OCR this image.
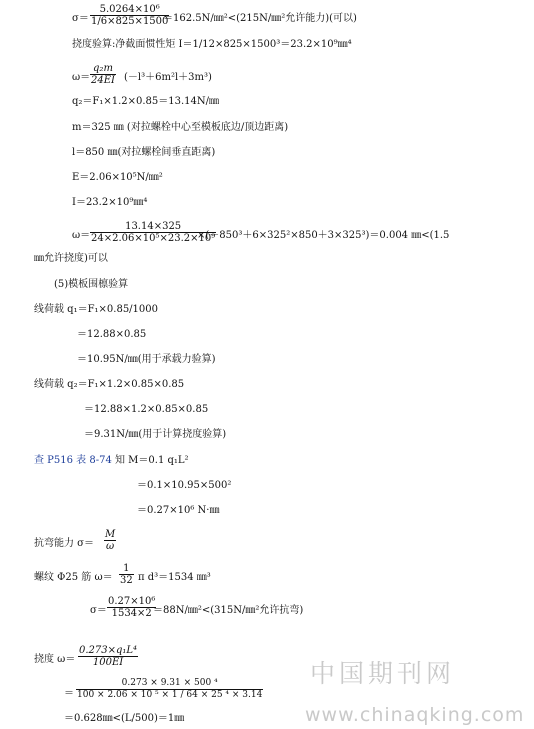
$\sigma= \frac{\text{5.0264×10⁶}}{1/6\times 825\times 1500}$
＝162.5N/㎜²<(215N/㎜²允许能力)(可以)
挠度验算:净截面惯性矩 I＝1/12×825×1500³＝23.2×10⁹㎜⁴
$\omega= \frac{\text{q₂m}}{24EI} (-l^3+6m^2l+3m^3)$
q₂＝F₁×1.2×0.85＝13.14N/㎜
m＝325 ㎜ (对拉螺栓中心至模板底边/顶边距离)
l＝850 ㎜(对拉螺栓间垂直距离)
E＝2.06×10⁵N/㎜²
I＝23.2×10⁹㎜⁴
$\omega= \frac{13.14\times 325}{\text{24×2.06×10⁵×23.2×10⁹}}$
×(－850³＋6×325²×850＋3×325³)＝0.004 ㎜<(1.5
㎜允许挠度)可以
(5)模板围檩验算
线荷载 q₁＝F₁×0.85/1000
＝12.88×0.85
＝10.95N/㎜(用于承载力验算)
线荷载 q₂＝F₁×1.2×0.85×0.85
＝12.88×1.2×0.85×0.85
＝9.31N/㎜(用于计算挠度验算)
查 P516 表 8-74 知 M＝0.1 q₁L²
＝0.1×10.95×500²
＝0.27×10⁶ N·㎜
抗弯能力 $\sigma= \frac{M}{\omega}$
螺纹 Φ25 筋 $\omega= \frac{1}{32}$ π d³＝1534 ㎜³
$\sigma= \frac{\text{0.27×10⁶}}{1534\times 2}$
＝88N/㎜²<(315N/㎜²允许抗弯)
挠度 $\omega= \frac{\text{0.273×q₁L⁴}}{100EI}$
＝ $\frac{\text{0.273 × 9.31 × 500 ⁴}}{\text{100 × 2.06 × 10 ⁵ × 1 / 64 × 25 ⁴ × 3.14}}$
＝0.628㎜<(L/500)＝1㎜
中国期刊网
www.chinaqking.com
